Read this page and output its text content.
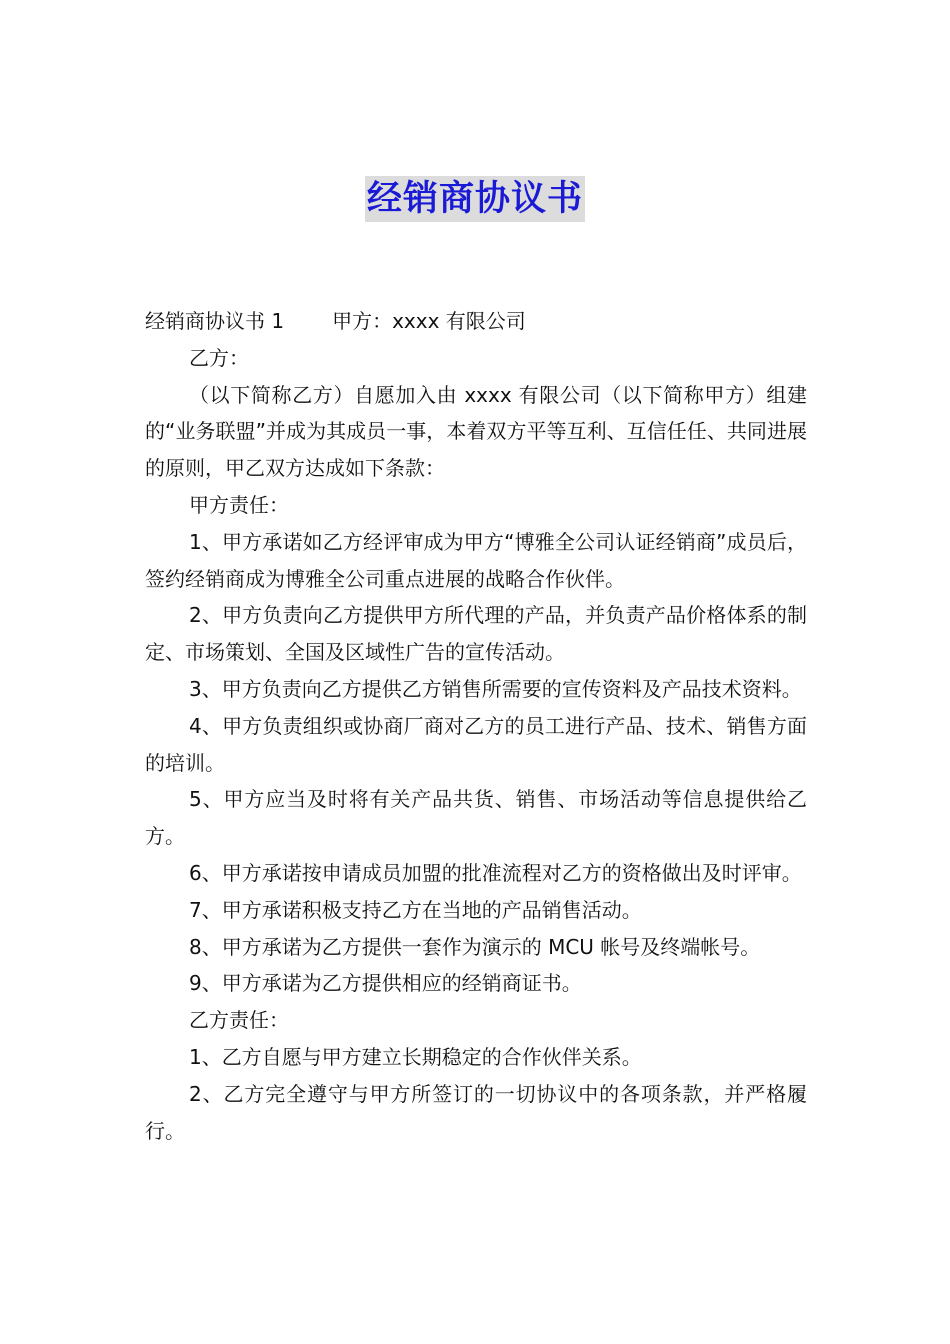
经销商协议书

经销商协议书 1 甲方：xxxx 有限公司

乙方：

（以下简称乙方）自愿加入由 xxxx 有限公司（以下简称甲方）组建的“业务联盟”并成为其成员一事，本着双方平等互利、互信任任、共同进展的原则，甲乙双方达成如下条款：

甲方责任：

1、甲方承诺如乙方经评审成为甲方“博雅全公司认证经销商”成员后，签约经销商成为博雅全公司重点进展的战略合作伙伴。

2、甲方负责向乙方提供甲方所代理的产品，并负责产品价格体系的制定、市场策划、全国及区域性广告的宣传活动。

3、甲方负责向乙方提供乙方销售所需要的宣传资料及产品技术资料。

4、甲方负责组织或协商厂商对乙方的员工进行产品、技术、销售方面的培训。

5、甲方应当及时将有关产品共货、销售、市场活动等信息提供给乙方。

6、甲方承诺按申请成员加盟的批准流程对乙方的资格做出及时评审。

7、甲方承诺积极支持乙方在当地的产品销售活动。

8、甲方承诺为乙方提供一套作为演示的 MCU 帐号及终端帐号。

9、甲方承诺为乙方提供相应的经销商证书。

乙方责任：

1、乙方自愿与甲方建立长期稳定的合作伙伴关系。

2、乙方完全遵守与甲方所签订的一切协议中的各项条款，并严格履行。
